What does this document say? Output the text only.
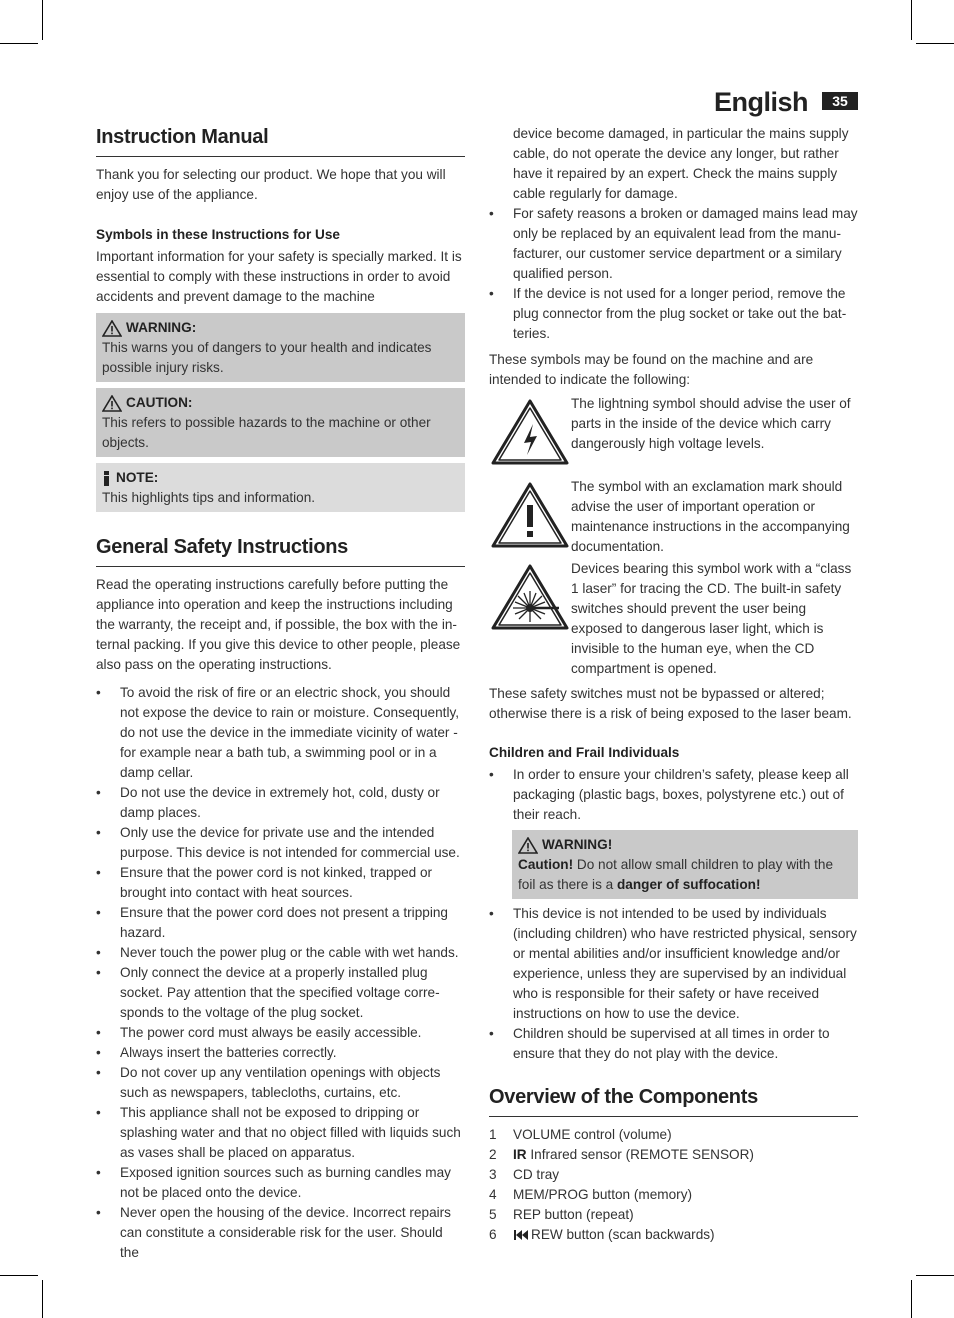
English	35
Instruction Manual

Thank you for selecting our product. We hope that you will enjoy use of the appliance.

Symbols in these Instructions for Use

Important information for your safety is specially marked. It is essential to comply with these instructions in order to avoid accidents and prevent damage to the machine

WARNING:

This warns you of dangers to your health and indicates possible injury risks.

CAUTION:

This refers to possible hazards to the machine or other objects.

NOTE:

This highlights tips and information.

General Safety Instructions

Read the operating instructions carefully before putting the appliance into operation and keep the instructions including the warranty, the receipt and, if possible, the box with the internal packing. If you give this device to other people, please also pass on the operating instructions.

• To avoid the risk of fire or an electric shock, you should not expose the device to rain or moisture. Consequently, do not use the device in the immediate vicinity of water - for example near a bath tub, a swimming pool or in a damp cellar.
• Do not use the device in extremely hot, cold, dusty or damp places.
• Only use the device for private use and the intended purpose. This device is not intended for commercial use.
• Ensure that the power cord is not kinked, trapped or brought into contact with heat sources.
• Ensure that the power cord does not present a tripping hazard.
• Never touch the power plug or the cable with wet hands.
• Only connect the device at a properly installed plug socket. Pay attention that the specified voltage corresponds to the voltage of the plug socket.
• The power cord must always be easily accessible.
• Always insert the batteries correctly.
• Do not cover up any ventilation openings with objects such as newspapers, tablecloths, curtains, etc.
• This appliance shall not be exposed to dripping or splashing water and that no object filled with liquids such as vases shall be placed on apparatus.
• Exposed ignition sources such as burning candles may not be placed onto the device.
• Never open the housing of the device. Incorrect repairs can constitute a considerable risk for the user. Should the

device become damaged, in particular the mains supply cable, do not operate the device any longer, but rather have it repaired by an expert. Check the mains supply cable regularly for damage.

• For safety reasons a broken or damaged mains lead may only be replaced by an equivalent lead from the manufacturer, our customer service department or a similary qualified person.
• If the device is not used for a longer period, remove the plug connector from the plug socket or take out the batteries.

These symbols may be found on the machine and are intended to indicate the following:

The lightning symbol should advise the user of parts in the inside of the device which carry dangerously high voltage levels.
The symbol with an exclamation mark should advise the user of important operation or maintenance instructions in the accompanying documentation.
Devices bearing this symbol work with a “class 1 laser” for tracing the CD. The built-in safety switches should prevent the user being exposed to dangerous laser light, which is invisible to the human eye, when the CD compartment is opened.

These safety switches must not be bypassed or altered; otherwise there is a risk of being exposed to the laser beam.

Children and Frail Individuals
• In order to ensure your children’s safety, please keep all packaging (plastic bags, boxes, polystyrene etc.) out of their reach.
WARNING!

Caution! Do not allow small children to play with the foil as there is a danger of suffocation!

• This device is not intended to be used by individuals (including children) who have restricted physical, sensory or mental abilities and/or insufficient knowledge and/or experience, unless they are supervised by an individual who is responsible for their safety or have received instructions on how to use the device.
• Children should be supervised at all times in order to ensure that they do not play with the device.
Overview of the Components
1	VOLUME control (volume)
2	IR Infrared sensor (REMOTE SENSOR)
3	CD tray
4	MEM/PROG button (memory)
5	REP button (repeat)
6	REW button (scan backwards)
